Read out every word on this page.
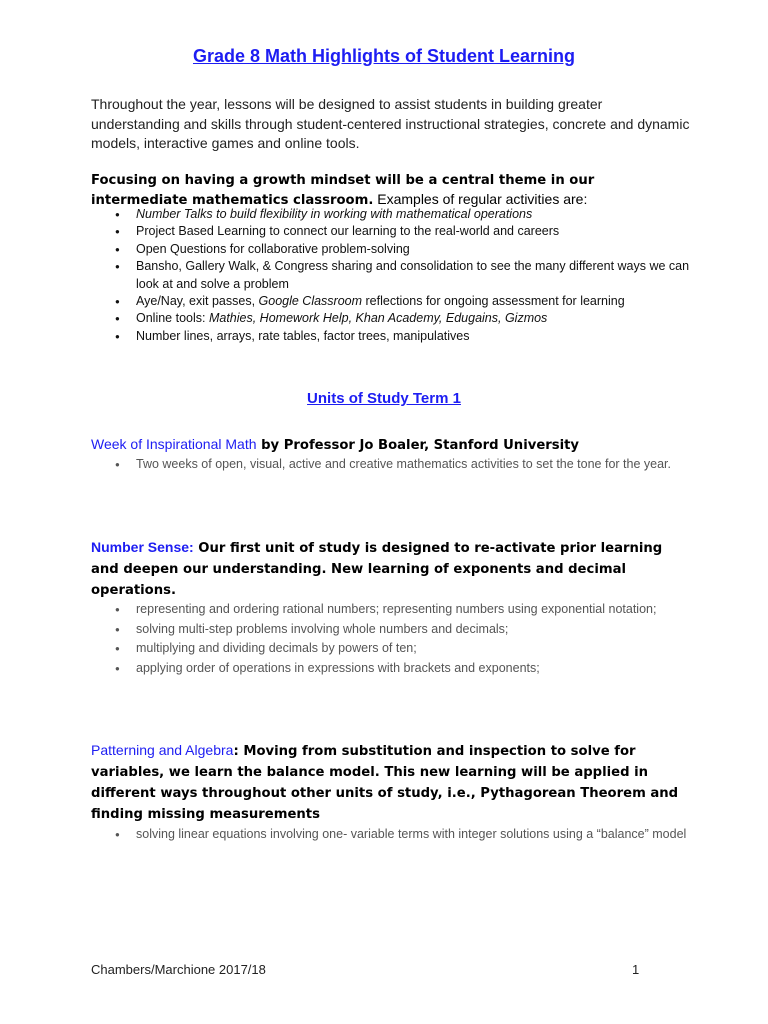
Grade 8 Math Highlights of Student Learning
Throughout the year, lessons will be designed to assist students in building greater understanding and skills through student-centered instructional strategies, concrete and dynamic models, interactive games and online tools.
Focusing on having a growth mindset will be a central theme in our intermediate mathematics classroom. Examples of regular activities are:
● Number Talks to build flexibility in working with mathematical operations
● Project Based Learning to connect our learning to the real-world and careers
● Open Questions for collaborative problem-solving
● Bansho, Gallery Walk, & Congress sharing and consolidation to see the many different ways we can look at and solve a problem
● Aye/Nay, exit passes, Google Classroom reflections for ongoing assessment for learning
● Online tools: Mathies, Homework Help, Khan Academy, Edugains, Gizmos
● Number lines, arrays, rate tables, factor trees, manipulatives
Units of Study Term 1
Week of Inspirational Math by Professor Jo Boaler, Stanford University
● Two weeks of open, visual, active and creative mathematics activities to set the tone for the year.
Number Sense: Our first unit of study is designed to re-activate prior learning and deepen our understanding. New learning of exponents and decimal operations.
● representing and ordering rational numbers; representing numbers using exponential notation;
● solving multi-step problems involving whole numbers and decimals;
● multiplying and dividing decimals by powers of ten;
● applying order of operations in expressions with brackets and exponents;
Patterning and Algebra: Moving from substitution and inspection to solve for variables, we learn the balance model. This new learning will be applied in different ways throughout other units of study, i.e., Pythagorean Theorem and finding missing measurements
● solving linear equations involving one- variable terms with integer solutions using a “balance” model
Chambers/Marchione 2017/18	1
